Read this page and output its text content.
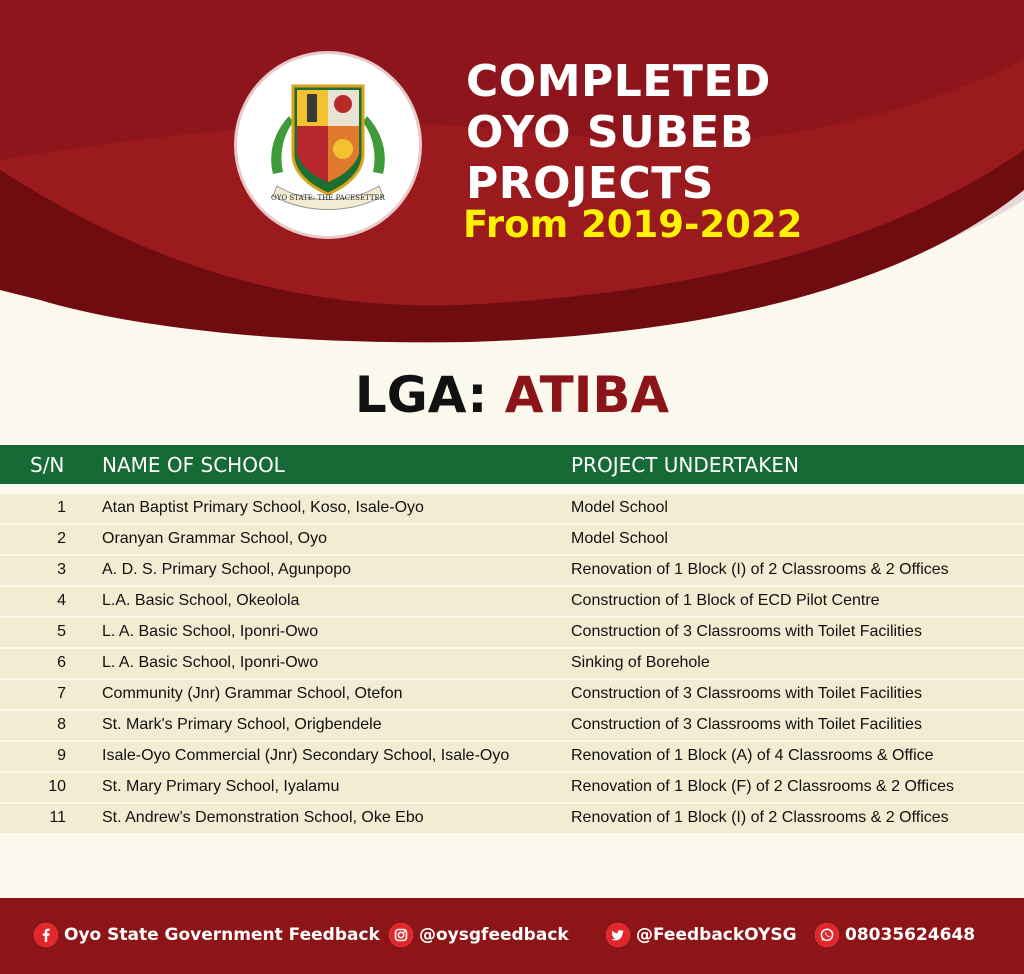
OYO STATE: THE PACESETTER
COMPLETED
OYO SUBEB
PROJECTS
From 2019-2022
LGA: ATIBA
S/N NAME OF SCHOOL	PROJECT UNDERTAKEN
1 Atan Baptist Primary School, Koso, Isale-Oyo	Model School
2 Oranyan Grammar School, Oyo	Model School
3 A. D. S. Primary School, Agunpopo	Renovation of 1 Block (I) of 2 Classrooms & 2 Offices
4 L.A. Basic School, Okeolola	Construction of 1 Block of ECD Pilot Centre
5 L. A. Basic School, Iponri-Owo	Construction of 3 Classrooms with Toilet Facilities
6 L. A. Basic School, Iponri-Owo	Sinking of Borehole
7 Community (Jnr) Grammar School, Otefon	Construction of 3 Classrooms with Toilet Facilities
8 St. Mark's Primary School, Origbendele	Construction of 3 Classrooms with Toilet Facilities
9 Isale-Oyo Commercial (Jnr) Secondary School, Isale-Oyo	Renovation of 1 Block (A) of 4 Classrooms & Office
10 St. Mary Primary School, Iyalamu	Renovation of 1 Block (F) of 2 Classrooms & 2 Offices
11 St. Andrew’s Demonstration School, Oke Ebo	Renovation of 1 Block (I) of 2 Classrooms & 2 Offices
Oyo State Government Feedback	@oysgfeedback	@FeedbackOYSG	08035624648
